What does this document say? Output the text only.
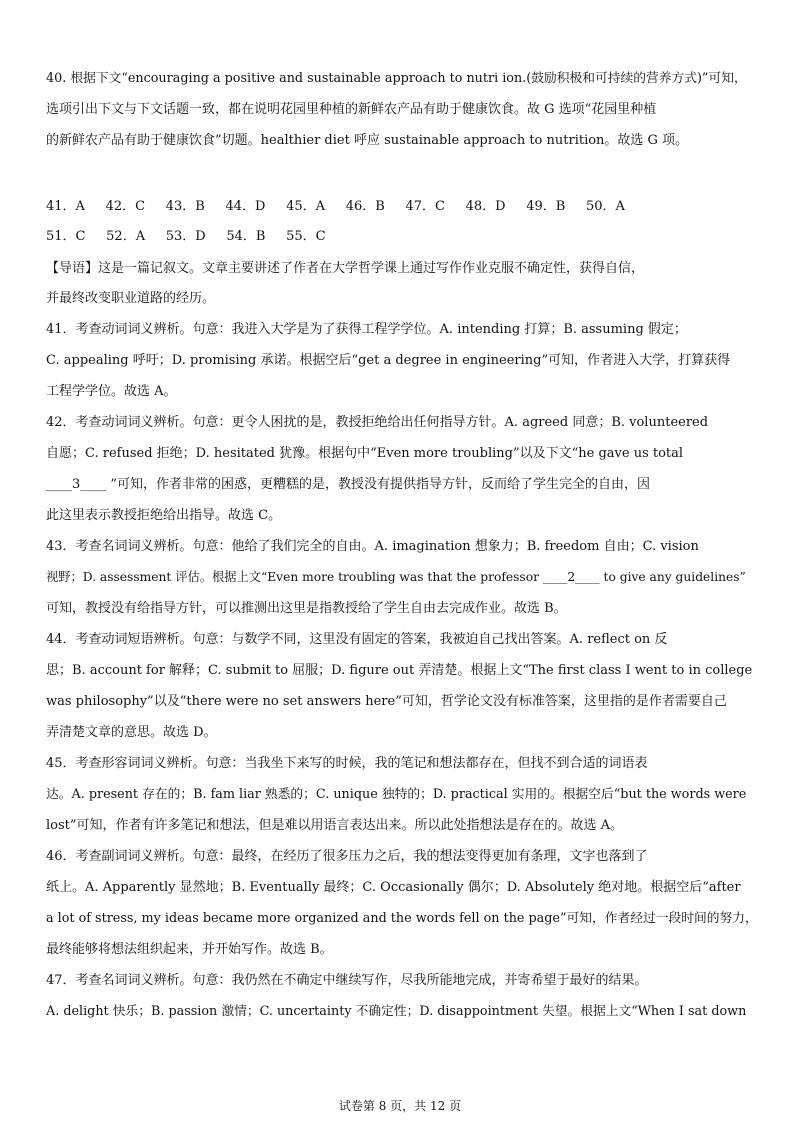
40. 根据下文“encouraging a positive and sustainable approach to nutri ion.(鼓励积极和可持续的营养方式)”可知，
选项引出下文与下文话题一致，都在说明花园里种植的新鲜农产品有助于健康饮食。故 G 选项“花园里种植
的新鲜农产品有助于健康饮食”切题。healthier diet 呼应 sustainable approach to nutrition。故选 G 项。
41．A     42．C     43．B     44．D     45．A     46．B     47．C     48．D     49．B     50．A
51．C     52．A     53．D     54．B     55．C
【导语】这是一篇记叙文。文章主要讲述了作者在大学哲学课上通过写作作业克服不确定性，获得自信，
并最终改变职业道路的经历。
41．考查动词词义辨析。句意：我进入大学是为了获得工程学学位。A. intending 打算；B. assuming 假定；
C. appealing 呼吁；D. promising 承诺。根据空后“get a degree in engineering”可知，作者进入大学，打算获得
工程学学位。故选 A。
42．考查动词词义辨析。句意：更令人困扰的是，教授拒绝给出任何指导方针。A. agreed 同意；B. volunteered
自愿；C. refused 拒绝；D. hesitated 犹豫。根据句中“Even more troubling”以及下文“he gave us total
____3____ ”可知，作者非常的困惑，更糟糕的是，教授没有提供指导方针，反而给了学生完全的自由，因
此这里表示教授拒绝给出指导。故选 C。
43．考查名词词义辨析。句意：他给了我们完全的自由。A. imagination 想象力；B. freedom 自由；C. vision
视野；D. assessment 评估。根据上文“Even more troubling was that the professor ____2____ to give any guidelines”
可知，教授没有给指导方针，可以推测出这里是指教授给了学生自由去完成作业。故选 B。
44．考查动词短语辨析。句意：与数学不同，这里没有固定的答案，我被迫自己找出答案。A. reflect on 反
思；B. account for 解释；C. submit to 屈服；D. figure out 弄清楚。根据上文“The first class I went to in college
was philosophy”以及“there were no set answers here”可知，哲学论文没有标准答案，这里指的是作者需要自己
弄清楚文章的意思。故选 D。
45．考查形容词词义辨析。句意：当我坐下来写的时候，我的笔记和想法都存在，但找不到合适的词语表
达。A. present 存在的；B. fam liar 熟悉的；C. unique 独特的；D. practical 实用的。根据空后“but the words were
lost”可知，作者有许多笔记和想法，但是难以用语言表达出来。所以此处指想法是存在的。故选 A。
46．考查副词词义辨析。句意：最终，在经历了很多压力之后，我的想法变得更加有条理，文字也落到了
纸上。A. Apparently 显然地；B. Eventually 最终；C. Occasionally 偶尔；D. Absolutely 绝对地。根据空后“after
a lot of stress, my ideas became more organized and the words fell on the page”可知，作者经过一段时间的努力，
最终能够将想法组织起来，并开始写作。故选 B。
47．考查名词词义辨析。句意：我仍然在不确定中继续写作，尽我所能地完成，并寄希望于最好的结果。
A. delight 快乐；B. passion 激情；C. uncertainty 不确定性；D. disappointment 失望。根据上文“When I sat down
试卷第 8 页，共 12 页
